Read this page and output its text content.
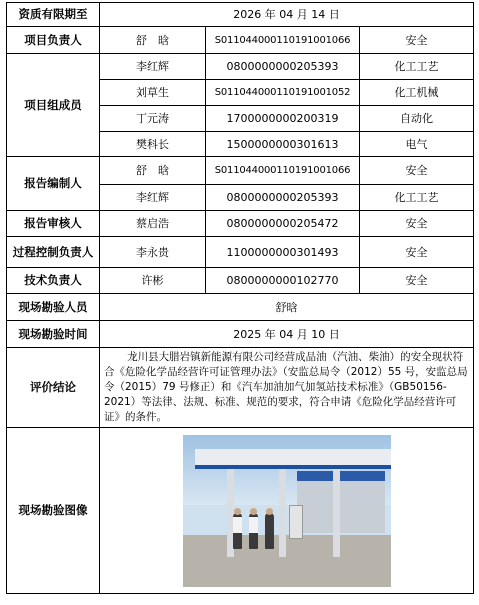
资质有限期至	2026 年 04 月 14 日		
项目负责人	舒　晗	S011044000110191001066	安全
项目组成员	李红辉	0800000000205393	化工工艺
	刘草生	S011044000110191001052	化工机械
	丁元涛	1700000000200319	自动化
	樊科长	1500000000301613	电气
报告编制人	舒　晗	S011044000110191001066	安全
	李红辉	0800000000205393	化工工艺
报告审核人	蔡启浩	0800000000205472	安全
过程控制负责人	李永贵	1100000000301493	安全
技术负责人	许彬	0800000000102770	安全
现场勘验人员	舒晗		
现场勘验时间	2025 年 04 月 10 日		
评价结论	龙川县大腊岩镇新能源有限公司经营成品油（汽油、柴油）的安全现状符合《危险化学品经营许可证管理办法》（安监总局令（2012）55 号，安监总局令（2015）79 号修正）和《汽车加油加气加氢站技术标准》（GB50156-2021）等法律、法规、标准、规范的要求，符合申请《危险化学品经营许可证》的条件。		
现场勘验图像			
